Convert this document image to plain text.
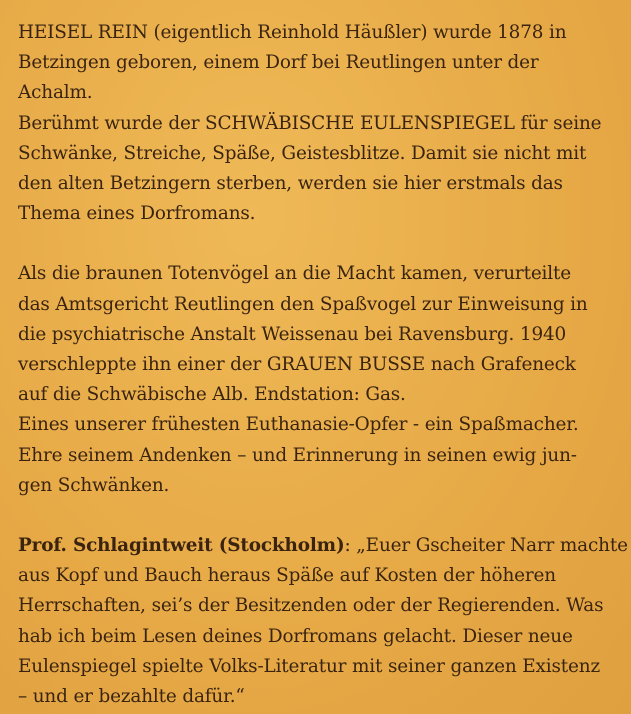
HEISEL REIN (eigentlich Reinhold Häußler) wurde 1878 in
Betzingen geboren, einem Dorf bei Reutlingen unter der
Achalm.
Berühmt wurde der SCHWÄBISCHE EULENSPIEGEL für seine
Schwänke, Streiche, Späße, Geistesblitze. Damit sie nicht mit
den alten Betzingern sterben, werden sie hier erstmals das
Thema eines Dorfromans.

Als die braunen Totenvögel an die Macht kamen, verurteilte
das Amtsgericht Reutlingen den Spaßvogel zur Einweisung in
die psychiatrische Anstalt Weissenau bei Ravensburg. 1940
verschleppte ihn einer der GRAUEN BUSSE nach Grafeneck
auf die Schwäbische Alb. Endstation: Gas.
Eines unserer frühesten Euthanasie-Opfer - ein Spaßmacher.
Ehre seinem Andenken – und Erinnerung in seinen ewig jun-
gen Schwänken.

Prof. Schlagintweit (Stockholm): „Euer Gscheiter Narr machte
aus Kopf und Bauch heraus Späße auf Kosten der höheren
Herrschaften, sei’s der Besitzenden oder der Regierenden. Was
hab ich beim Lesen deines Dorfromans gelacht. Dieser neue
Eulenspiegel spielte Volks-Literatur mit seiner ganzen Existenz
– und er bezahlte dafür.“
